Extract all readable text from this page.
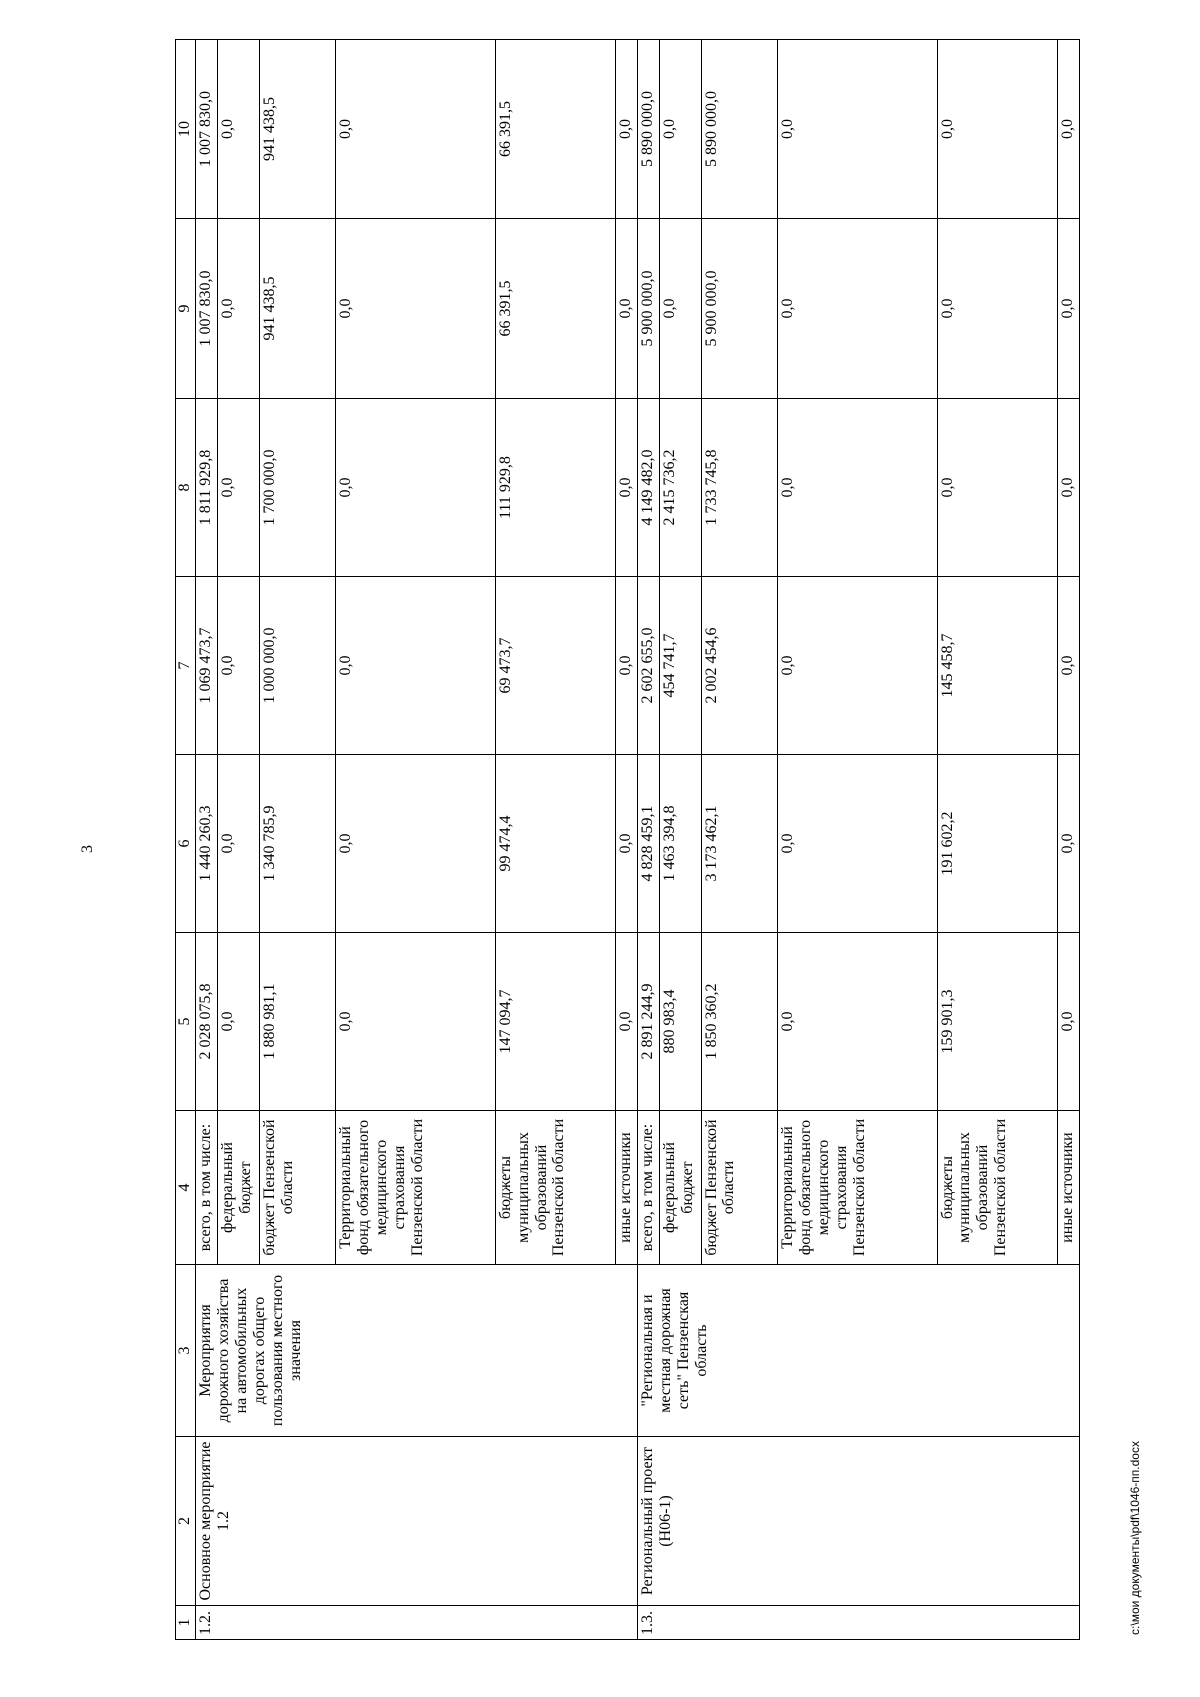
3
c:\мои документы\pdf\1046-пп.docx
1	2	3	4	5	6	7	8	9	10
1.2.	Основное мероприятие 1.2	Мероприятия дорожного хозяйства на автомобильных дорогах общего пользования местного значения	всего, в том числе:	2 028 075,8	1 440 260,3	1 069 473,7	1 811 929,8	1 007 830,0	1 007 830,0
			федеральный бюджет	0,0	0,0	0,0	0,0	0,0	0,0
			бюджет Пензенской области	1 880 981,1	1 340 785,9	1 000 000,0	1 700 000,0	941 438,5	941 438,5
			Территориальный фонд обязательного медицинского страхования Пензенской области	0,0	0,0	0,0	0,0	0,0	0,0
			бюджеты муниципальных образований Пензенской области	147 094,7	99 474,4	69 473,7	111 929,8	66 391,5	66 391,5
			иные источники	0,0	0,0	0,0	0,0	0,0	0,0
1.3.	Региональный проект (Н06-1)	"Региональная и местная дорожная сеть" Пензенская область	всего, в том числе:	2 891 244,9	4 828 459,1	2 602 655,0	4 149 482,0	5 900 000,0	5 890 000,0
			федеральный бюджет	880 983,4	1 463 394,8	454 741,7	2 415 736,2	0,0	0,0
			бюджет Пензенской области	1 850 360,2	3 173 462,1	2 002 454,6	1 733 745,8	5 900 000,0	5 890 000,0
			Территориальный фонд обязательного медицинского страхования Пензенской области	0,0	0,0	0,0	0,0	0,0	0,0
			бюджеты муниципальных образований Пензенской области	159 901,3	191 602,2	145 458,7	0,0	0,0	0,0
			иные источники	0,0	0,0	0,0	0,0	0,0	0,0
